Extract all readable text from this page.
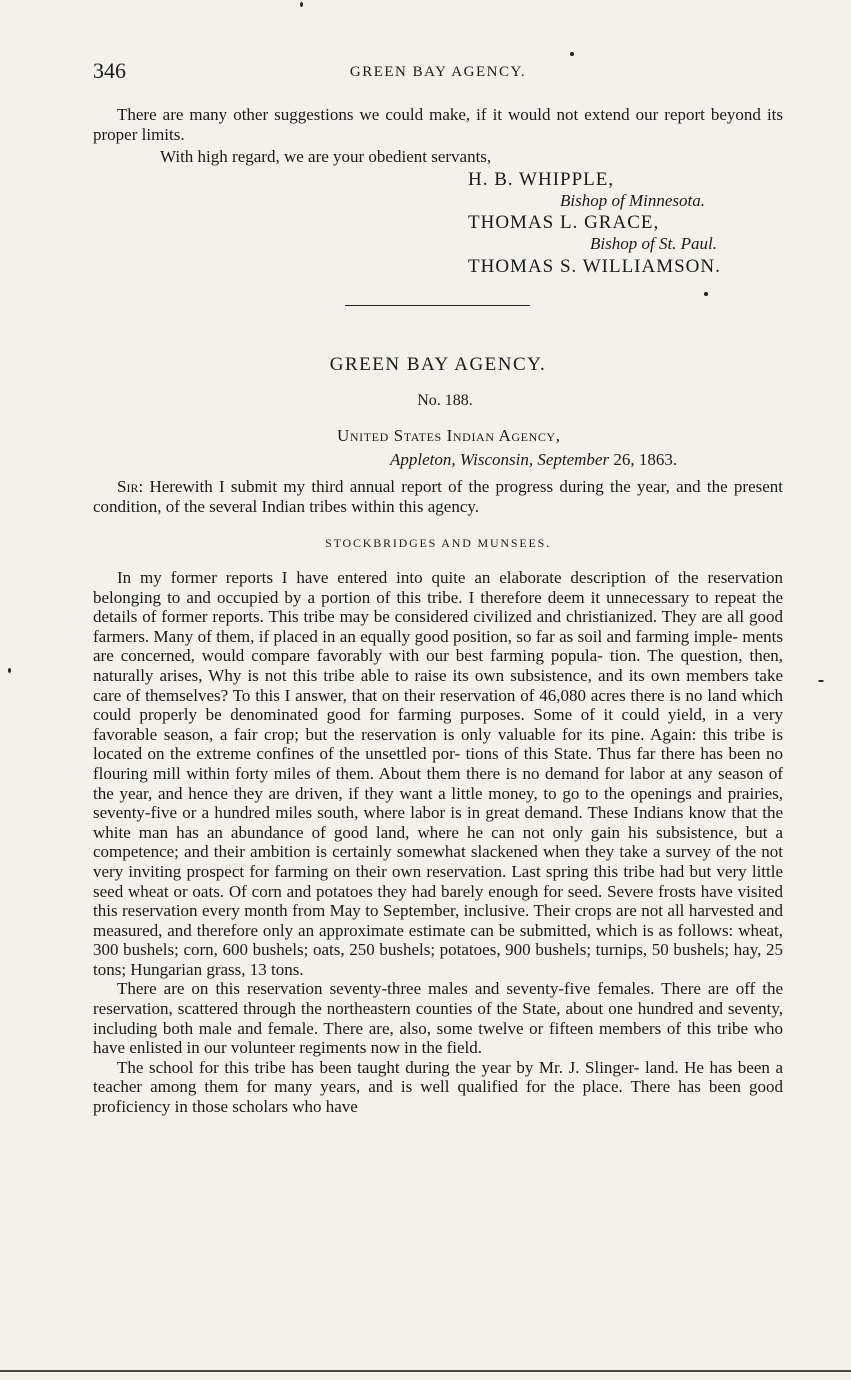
346	GREEN BAY AGENCY.

There are many other suggestions we could make, if it would not extend our report beyond its proper limits.

With high regard, we are your obedient servants,
H. B. WHIPPLE,
Bishop of Minnesota.
THOMAS L. GRACE,
Bishop of St. Paul.
THOMAS S. WILLIAMSON.
GREEN BAY AGENCY.
No. 188.
United States Indian Agency,
Appleton, Wisconsin, September 26, 1863.

Sir: Herewith I submit my third annual report of the progress during the year, and the present condition, of the several Indian tribes within this agency.

STOCKBRIDGES AND MUNSEES.

In my former reports I have entered into quite an elaborate description of the reservation belonging to and occupied by a portion of this tribe. I therefore deem it unnecessary to repeat the details of former reports. This tribe may be considered civilized and christianized. They are all good farmers. Many of them, if placed in an equally good position, so far as soil and farming imple- ments are concerned, would compare favorably with our best farming popula- tion. The question, then, naturally arises, Why is not this tribe able to raise its own subsistence, and its own members take care of themselves? To this I answer, that on their reservation of 46,080 acres there is no land which could properly be denominated good for farming purposes. Some of it could yield, in a very favorable season, a fair crop; but the reservation is only valuable for its pine. Again: this tribe is located on the extreme confines of the unsettled por- tions of this State. Thus far there has been no flouring mill within forty miles of them. About them there is no demand for labor at any season of the year, and hence they are driven, if they want a little money, to go to the openings and prairies, seventy-five or a hundred miles south, where labor is in great demand. These Indians know that the white man has an abundance of good land, where he can not only gain his subsistence, but a competence; and their ambition is certainly somewhat slackened when they take a survey of the not very inviting prospect for farming on their own reservation. Last spring this tribe had but very little seed wheat or oats. Of corn and potatoes they had barely enough for seed. Severe frosts have visited this reservation every month from May to September, inclusive. Their crops are not all harvested and measured, and therefore only an approximate estimate can be submitted, which is as follows: wheat, 300 bushels; corn, 600 bushels; oats, 250 bushels; potatoes, 900 bushels; turnips, 50 bushels; hay, 25 tons; Hungarian grass, 13 tons.

There are on this reservation seventy-three males and seventy-five females. There are off the reservation, scattered through the northeastern counties of the State, about one hundred and seventy, including both male and female. There are, also, some twelve or fifteen members of this tribe who have enlisted in our volunteer regiments now in the field.

The school for this tribe has been taught during the year by Mr. J. Slinger- land. He has been a teacher among them for many years, and is well qualified for the place. There has been good proficiency in those scholars who have
